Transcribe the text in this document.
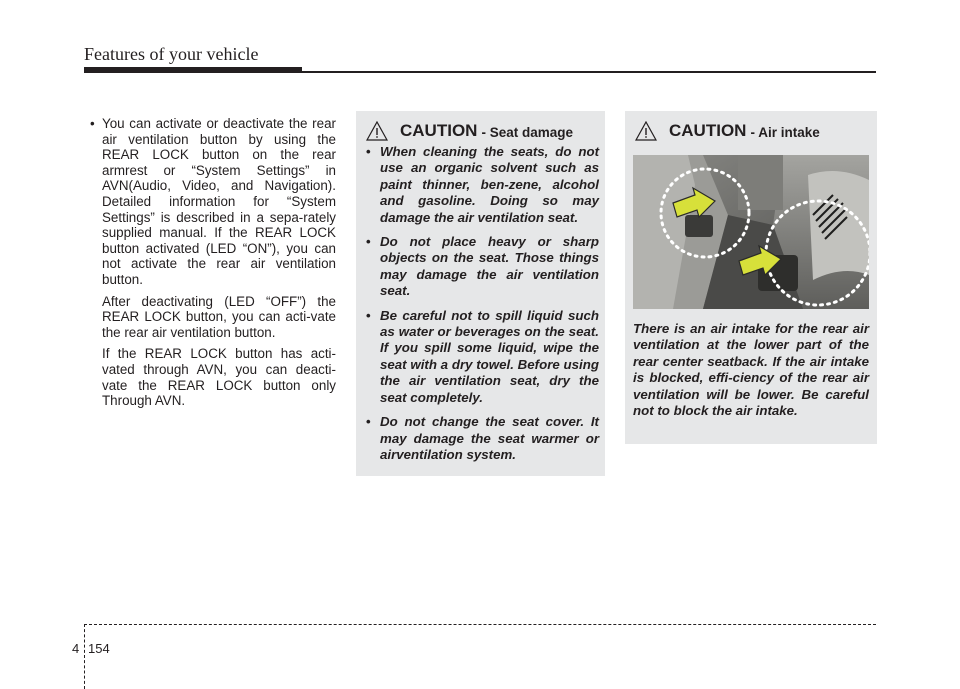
Features of your vehicle

• You can activate or deactivate the rear air ventilation button by using the REAR LOCK button on the rear armrest or “System Settings” in AVN(Audio, Video, and Navigation). Detailed information for “System Settings” is described in a sepa-rately supplied manual. If the REAR LOCK button activated (LED “ON”), you can not activate the rear air ventilation button.

After deactivating (LED “OFF”) the REAR LOCK button, you can acti-vate the rear air ventilation button.

If the REAR LOCK button has acti-vated through AVN, you can deacti-vate the REAR LOCK button only Through AVN.

CAUTION - Seat damage
• When cleaning the seats, do not use an organic solvent such as paint thinner, ben-zene, alcohol and gasoline. Doing so may damage the air ventilation seat.
• Do not place heavy or sharp objects on the seat. Those things may damage the air ventilation seat.
• Be careful not to spill liquid such as water or beverages on the seat. If you spill some liquid, wipe the seat with a dry towel. Before using the air ventilation seat, dry the seat completely.
• Do not change the seat cover. It may damage the seat warmer or airventilation system.
CAUTION - Air intake
There is an air intake for the rear air ventilation at the lower part of the rear center seatback. If the air intake is blocked, effi-ciency of the rear air ventilation will be lower. Be careful not to block the air intake.
4 154
